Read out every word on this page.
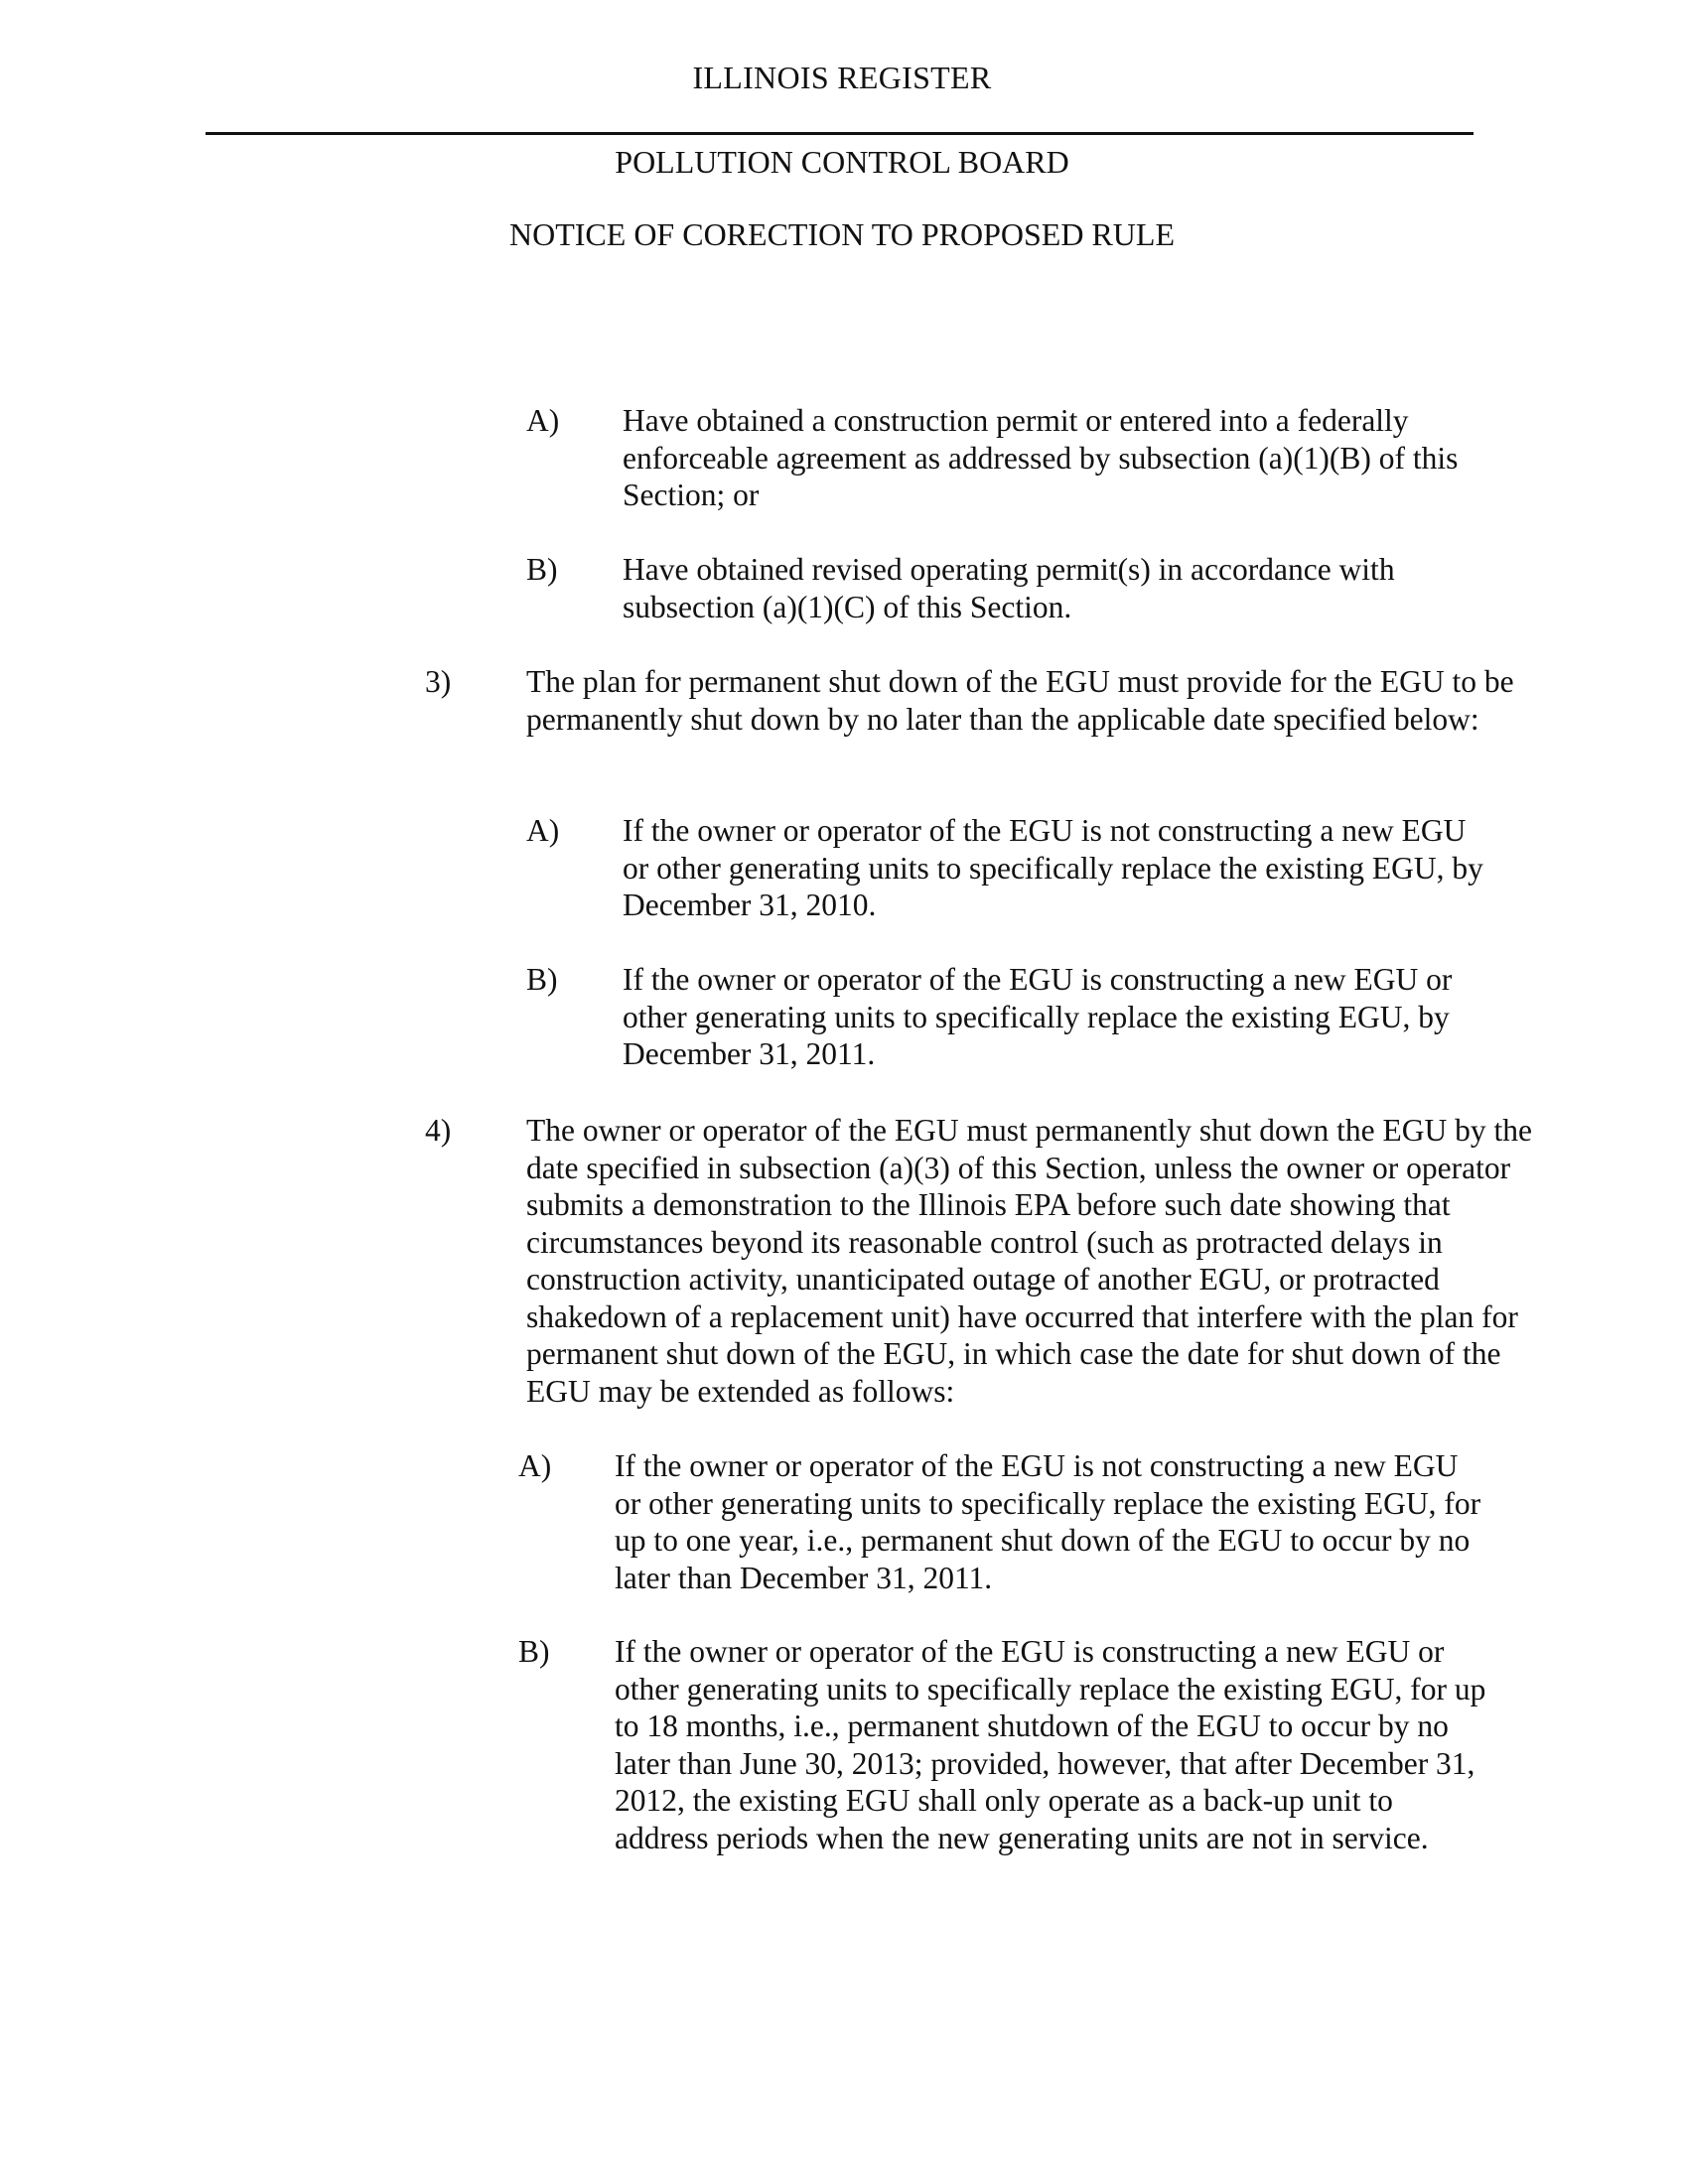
ILLINOIS REGISTER
POLLUTION CONTROL BOARD
NOTICE OF CORECTION TO PROPOSED RULE
A) Have obtained a construction permit or entered into a federally enforceable agreement as addressed by subsection (a)(1)(B) of this Section; or
B) Have obtained revised operating permit(s) in accordance with subsection (a)(1)(C) of this Section.
3) The plan for permanent shut down of the EGU must provide for the EGU to be permanently shut down by no later than the applicable date specified below:
A) If the owner or operator of the EGU is not constructing a new EGU or other generating units to specifically replace the existing EGU, by December 31, 2010.
B) If the owner or operator of the EGU is constructing a new EGU or other generating units to specifically replace the existing EGU, by December 31, 2011.
4) The owner or operator of the EGU must permanently shut down the EGU by the date specified in subsection (a)(3) of this Section, unless the owner or operator submits a demonstration to the Illinois EPA before such date showing that circumstances beyond its reasonable control (such as protracted delays in construction activity, unanticipated outage of another EGU, or protracted shakedown of a replacement unit) have occurred that interfere with the plan for permanent shut down of the EGU, in which case the date for shut down of the EGU may be extended as follows:
A) If the owner or operator of the EGU is not constructing a new EGU or other generating units to specifically replace the existing EGU, for up to one year, i.e., permanent shut down of the EGU to occur by no later than December 31, 2011.
B) If the owner or operator of the EGU is constructing a new EGU or other generating units to specifically replace the existing EGU, for up to 18 months, i.e., permanent shutdown of the EGU to occur by no later than June 30, 2013; provided, however, that after December 31, 2012, the existing EGU shall only operate as a back-up unit to address periods when the new generating units are not in service.
